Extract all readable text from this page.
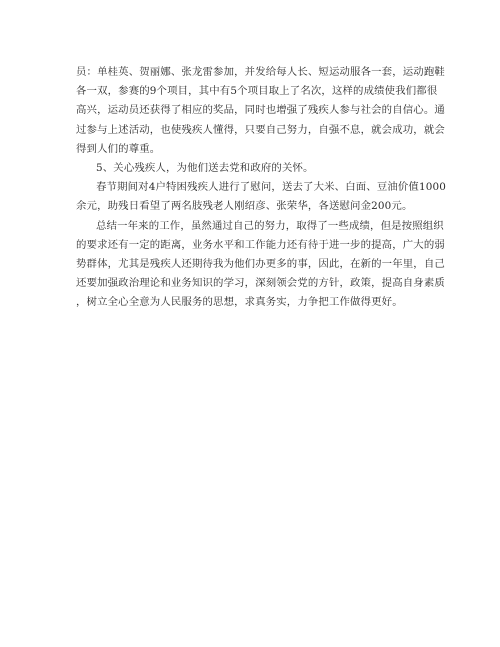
员：单桂英、贺丽娜、张龙雷参加，并发给每人长、短运动服各一套，运动跑鞋
各一双，参赛的9个项目，其中有5个项目取上了名次，这样的成绩使我们都很
高兴，运动员还获得了相应的奖品，同时也增强了残疾人参与社会的自信心。通
过参与上述活动，也使残疾人懂得，只要自己努力，自强不息，就会成功，就会
得到人们的尊重。
5、关心残疾人，为他们送去党和政府的关怀。
春节期间对4户特困残疾人进行了慰问，送去了大米、白面、豆油价值1000
余元，助残日看望了两名肢残老人刚绍彦、张荣华，各送慰问金200元。
总结一年来的工作，虽然通过自己的努力，取得了一些成绩，但是按照组织
的要求还有一定的距离，业务水平和工作能力还有待于进一步的提高，广大的弱
势群体，尤其是残疾人还期待我为他们办更多的事，因此，在新的一年里，自己
还要加强政治理论和业务知识的学习，深刻领会党的方针，政策，提高自身素质
，树立全心全意为人民服务的思想，求真务实，力争把工作做得更好。
